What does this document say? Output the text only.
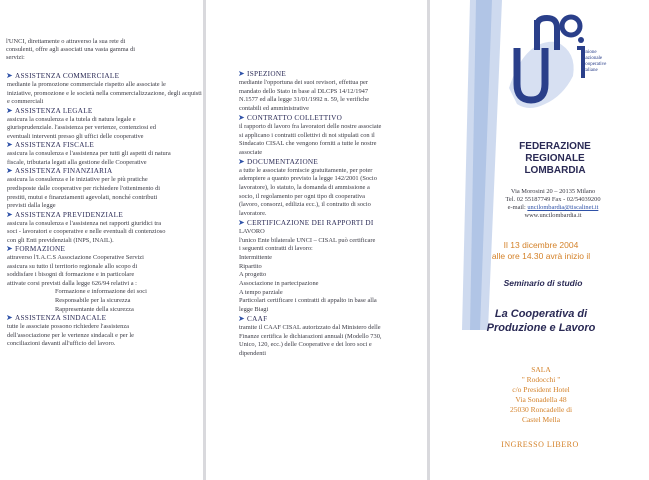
l'UNCI, direttamente o attraverso la sua rete di
consulenti, offre agli associati una vasta gamma di
servizi:
➤ ASSISTENZA COMMERCIALE
mediante la promozione commerciale rispetto alle associate le
iniziative, promozione e le società nella commercializzazione, degli acquisti
e commerciali
➤ ASSISTENZA LEGALE
assicura la consulenza e la tutela di natura legale e
giurisprudenziale. l'assistenza per vertenze, contenziosi ed
eventuali interventi presso gli uffici delle cooperative
➤ ASSISTENZA FISCALE
assicura la consulenza e l'assistenza per tutti gli aspetti di natura
fiscale, tributaria legati alla gestione delle Cooperative
➤ ASSISTENZA FINANZIARIA
assicura la consulenza e le iniziative per le più pratiche
predisposte dalle cooperative per richiedere l'ottenimento di
prestiti, mutui e finanziamenti agevolati, nonché contributi
previsti dalla legge
➤ ASSISTENZA PREVIDENZIALE
assicura la consulenza e l'assistenza nei rapporti giuridici tra
soci - lavoratori e cooperative e nelle eventuali di contenzioso
con gli Enti previdenziali (INPS, INAIL).
➤ FORMAZIONE
attraverso l'I.A.C.S Associazione Cooperative Servizi
assicura su tutto il territorio regionale allo scopo di
soddisfare i bisogni di formazione e in particolare
attivate corsi previsti dalla legge 626/94 relativi a :
Formazione e informazione dei soci
Responsabile per la sicurezza
Rappresentante della sicurezza
➤ ASSISTENZA SINDACALE
tutte le associate possono richiedere l'assistenza
dell'associazione per le vertenze sindacali e per le
conciliazioni davanti all'ufficio del lavoro.
➤ ISPEZIONE
mediante l'opportuna dei suoi revisori, effettua per
mandato dello Stato in base al DLCPS 14/12/1947
N.1577 ed alla legge 31/01/1992 n. 59, le verifiche
contabili ed amministrative
➤ CONTRATTO COLLETTIVO
il rapporto di lavoro fra lavoratori delle nostre associate
si applicano i contratti collettivi di noi stipulati con il
Sindacato CISAL che vengono forniti a tutte le nostre
associate
➤ DOCUMENTAZIONE
a tutte le associate forniscie gratuitamente, per poter
adempiere a quanto previsto la legge 142/2001 (Socio
lavoratore), lo statuto, la domanda di ammissione a
socio, il regolamento per ogni tipo di cooperativa
(lavoro, consorzi, edilizia ecc.), il contratto di socio
lavoratore.
➤ CERTIFICAZIONE DEI RAPPORTI DI
LAVORO
l'unico Ente bilaterale UNCI – CISAL può certificare
i seguenti contratti di lavoro:
Intermittente
Ripartito
A progetto
Associazione in partecipazione
A tempo parziale
Particolari certificare i contratti di appalto in base alla
legge Biagi
➤ CAAF
tramite il CAAF CISAL autorizzato dal Ministero delle
Finanze certifica le dichiarazioni annuali (Modello 730,
Unico, 120, ecc.) delle Cooperative e dei loro soci e
dipendenti
unione
nazionale
cooperative
italiane
FEDERAZIONE
REGIONALE
LOMBARDIA
Via Morosini 20 – 20135 Milano
Tel. 02 55187749 Fax - 02/54039200
e-mail: uncilombardia@tiscalinet.it
www.uncilombardia.it
Il 13 dicembre 2004
alle ore 14.30 avrà inizio il
Seminario di studio
La Cooperativa di
Produzione e Lavoro
SALA
" Rodocchi "
c/o President Hotel
Via Sonadella 48
25030 Roncadelle di
Castel Mella
INGRESSO LIBERO
